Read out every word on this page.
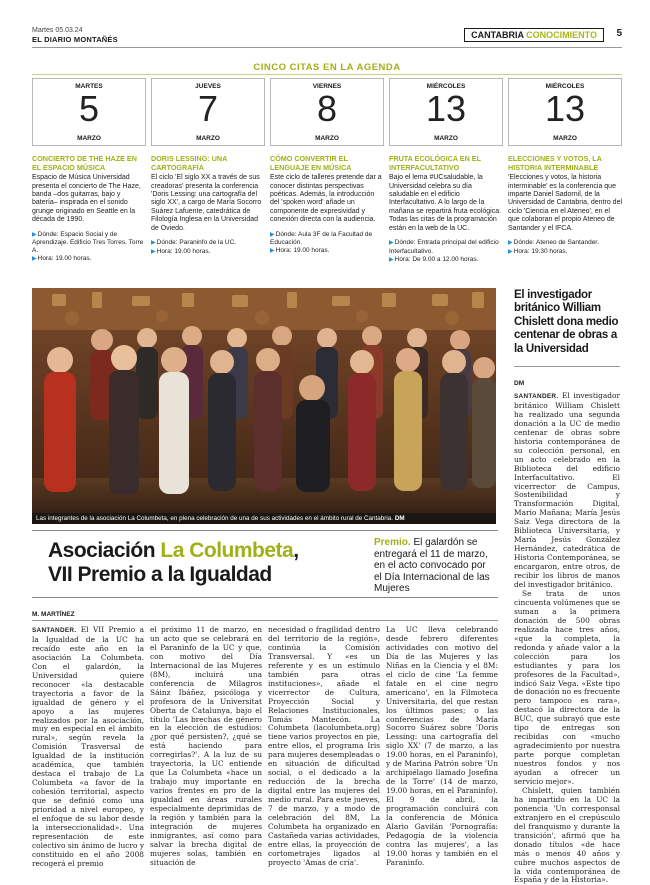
Martes 05.03.24
EL DIARIO MONTAÑÉS	CANTABRIA CONOCIMIENTO	5
CINCO CITAS EN LA AGENDA
MARTES
5
MARZO
JUEVES
7
MARZO
VIERNES
8
MARZO
MIÉRCOLES
13
MARZO
MIÉRCOLES
13
MARZO
CONCIERTO DE THE HAZE EN EL ESPACIO MÚSICA

Espacio de Música Universidad presenta el concierto de The Haze, banda –dos guitarras, bajo y batería– inspirada en el sonido grunge originado en Seattle en la década de 1990.

▶Dónde: Espacio Social y de Aprendizaje. Edificio Tres Torres. Torre A.
▶Hora: 19.00 horas.
DORIS LESSING: UNA CARTOGRAFÍA

El ciclo 'El siglo XX a través de sus creadoras' presenta la conferencia 'Doris Lessing: una cartografía del siglo XX', a cargo de María Socorro Suárez Lafuente, catedrática de Filología Inglesa en la Universidad de Oviedo.

▶Dónde: Paraninfo de la UC.
▶Hora: 19.00 horas.
CÓMO CONVERTIR EL LENGUAJE EN MÚSICA

Este ciclo de talleres pretende dar a conocer distintas perspectivas poéticas. Además, la introducción del 'spoken word' añade un componente de expresividad y conexión directa con la audiencia.

▶Dónde: Aula 3F de la Facultad de Educación.
▶Hora: 19.00 horas.
FRUTA ECOLÓGICA EN EL INTERFACULTATIVO

Bajo el lema #UCsaludable, la Universidad celebra su día saludable en el edificio Interfacultativo. A lo largo de la mañana se repartirá fruta ecológica. Todas las citas de la programación están en la web de la UC.

▶Dónde: Entrada principal del edificio Interfacultativo.
▶Hora: De 9.00 a 12.00 horas.
ELECCIONES Y VOTOS, LA HISTORIA INTERMINABLE

'Elecciones y votos, la historia interminable' es la conferencia que imparte Daniel Sadornil, de la Universidad de Cantabria, dentro del ciclo 'Ciencia en el Ateneo', en el que colaboran el propio Ateneo de Santander y el IFCA.

▶Dónde: Ateneo de Santander.
▶Hora: 19.30 horas.
Las integrantes de la asociación La Columbeta, en plena celebración de una de sus actividades en el ámbito rural de Cantabria. DM
Asociación La Columbeta,
VII Premio a la Igualdad
Premio. El galardón se entregará el 11 de marzo, en el acto convocado por el Día Internacional de las Mujeres
M. MARTÍNEZ
SANTANDER. El VII Premio a la Igualdad de la UC ha recaído este año en la asociación La Columbeta. Con el galardón, la Universidad quiere reconocer «la destacable trayectoria a favor de la igualdad de género y el apoyo a las mujeres realizados por la asociación, muy en especial en el ámbito rural», según revela la Comisión Trasversal de Igualdad de la institución académica, que también destaca el trabajo de La Columbeta «a favor de la cohesión territorial, aspecto que se definió como una prioridad a nivel europeo, y el enfoque de su labor desde la interseccionalidad». Una representación de este colectivo sin ánimo de lucro y constituido en el año 2008 recogerá el premio
el próximo 11 de marzo, en un acto que se celebrará en el Paraninfo de la UC y que, con motivo del Día Internacional de las Mujeres (8M), incluirá una conferencia de Milagros Sáinz Ibáñez, psicóloga y profesora de la Universitat Oberta de Catalunya, bajo el título 'Las brechas de género en la elección de estudios: ¿por qué persisten?, ¿qué se está haciendo para corregirlas?'. A la luz de su trayectoria, la UC entiende que La Columbeta «hace un trabajo muy importante en varios frentes en pro de la igualdad en áreas rurales especialmente deprimidas de la región y también para la integración de mujeres inmigrantes, así como para salvar la brecha digital de mujeres solas, también en situación de
necesidad o fragilidad dentro del territorio de la región», continúa la Comisión Transversal. Y «es un referente y es un estímulo también para otras instituciones», añade el vicerrector de Cultura, Proyección Social y Relaciones Institucionales, Tomás Mantecón. La Columbeta (lacolumbeta.org) tiene varios proyectos en pie, entre ellos, el programa Iris para mujeres desempleadas o en situación de dificultad social, o el dedicado a la reducción de la brecha digital entre las mujeres del medio rural. Para este jueves, 7 de marzo, y a modo de celebración del 8M, La Columbeta ha organizado en Castañeda varias actividades, entre ellas, la proyección de cortometrajes ligados al proyecto 'Amas de cría'.
La UC lleva celebrando desde febrero diferentes actividades con motivo del Día de las Mujeres y las Niñas en la Ciencia y el 8M: el ciclo de cine 'La femme fatale en el cine negro americano', en la Filmoteca Universitaria, del que restan los últimos pases; o las conferencias de María Socorro Suárez sobre 'Doris Lessing: una cartografía del siglo XX' (7 de marzo, a las 19.00 horas, en el Paraninfo), y de Marina Patrón sobre 'Un archipiélago llamado Josefina de la Torre' (14 de marzo, 19.00 horas, en el Paraninfo). El 9 de abril, la programación concluirá con la conferencia de Mónica Alario Gavilán 'Pornografía: Pedagogía de la violencia contra las mujeres', a las 19.00 horas y también en el Paraninfo.
El investigador británico William Chislett dona medio centenar de obras a la Universidad
DM

SANTANDER. El investigador británico William Chislett ha realizado una segunda donación a la UC de medio centenar de obras sobre historia contemporánea de su colección personal, en un acto celebrado en la Biblioteca del edificio Interfacultativo. El vicerrector de Campus, Sostenibilidad y Transformación Digital, Mario Mañana; María Jesús Saiz Vega directora de la Biblioteca Universitaria, y María Jesús González Hernández, catedrática de Historia Contemporánea, se encargaron, entre otros, de recibir los libros de manos del investigador británico.

Se trata de unos cincuenta volúmenes que se suman a la primera donación de 500 obras realizada hace tres años, «que la completa, la redonda y añade valor a la colección para los estudiantes y para los profesores de la Facultad», indicó Saiz Vega. «Este tipo de donación no es frecuente pero tampoco es rara», destacó la directora de la BUC, que subrayó que este tipo de entregas son recibidas con «mucho agradecimiento por nuestra parte porque completan nuestros fondos y nos ayudan a ofrecer un servicio mejor».

Chislett, quien también ha impartido en la UC la ponencia 'Un corresponsal extranjero en el crepúsculo del franquismo y durante la transición', afirmó que ha donado títulos «de hace más o menos 40 años y cubre muchos aspectos de la vida contemporánea de España y de la Historia».
